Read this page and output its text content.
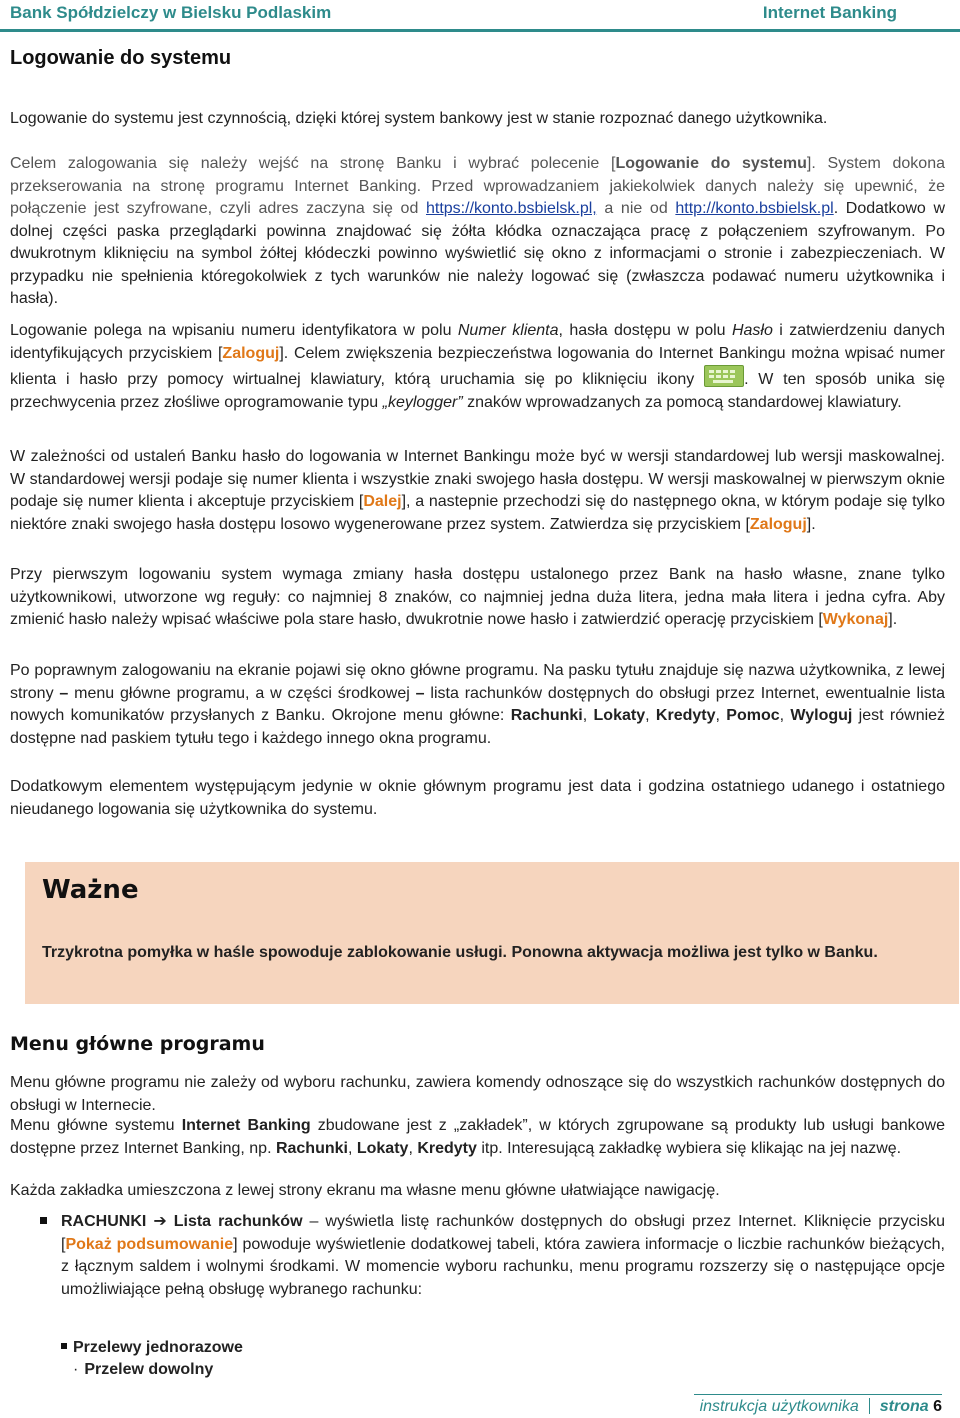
Bank Spółdzielczy w Bielsku Podlaskim	Internet Banking
Logowanie do systemu

Logowanie do systemu jest czynnością, dzięki której system bankowy jest w stanie rozpoznać danego użytkownika.

Celem zalogowania się należy wejść na stronę Banku i wybrać polecenie [Logowanie do systemu]. System dokona przekserowania na stronę programu Internet Banking. Przed wprowadzaniem jakiekolwiek danych należy się upewnić, że połączenie jest szyfrowane, czyli adres zaczyna się od https://konto.bsbielsk.pl, a nie od http://konto.bsbielsk.pl. Dodatkowo w dolnej części paska przeglądarki powinna znajdować się żółta kłódka oznaczająca pracę z połączeniem szyfrowanym. Po dwukrotnym kliknięciu na symbol żółtej kłódeczki powinno wyświetlić się okno z informacjami o stronie i zabezpieczeniach. W przypadku nie spełnienia któregokolwiek z tych warunków nie należy logować się (zwłaszcza podawać numeru użytkownika i hasła).

Logowanie polega na wpisaniu numeru identyfikatora w polu Numer klienta, hasła dostępu w polu Hasło i zatwierdzeniu danych identyfikujących przyciskiem [Zaloguj]. Celem zwiększenia bezpieczeństwa logowania do Internet Bankingu można wpisać numer klienta i hasło przy pomocy wirtualnej klawiatury, którą uruchamia się po kliknięciu ikony	. W ten sposób unika się przechwycenia przez złośliwe oprogramowanie typu „keylogger” znaków wprowadzanych za pomocą standardowej klawiatury.

W zależności od ustaleń Banku hasło do logowania w Internet Bankingu może być w wersji standardowej lub wersji maskowalnej. W standardowej wersji podaje się numer klienta i wszystkie znaki swojego hasła dostępu. W wersji maskowalnej w pierwszym oknie podaje się numer klienta i akceptuje przyciskiem [Dalej], a nastepnie przechodzi się do następnego okna, w którym podaje się tylko niektóre znaki swojego hasła dostępu losowo wygenerowane przez system. Zatwierdza się przyciskiem [Zaloguj].

Przy pierwszym logowaniu system wymaga zmiany hasła dostępu ustalonego przez Bank na hasło własne, znane tylko użytkownikowi, utworzone wg reguły: co najmniej 8 znaków, co najmniej jedna duża litera, jedna mała litera i jedna cyfra. Aby zmienić hasło należy wpisać właściwe pola stare hasło, dwukrotnie nowe hasło i zatwierdzić operację przyciskiem [Wykonaj].

Po poprawnym zalogowaniu na ekranie pojawi się okno główne programu. Na pasku tytułu znajduje się nazwa użytkownika, z lewej strony – menu główne programu, a w części środkowej – lista rachunków dostępnych do obsługi przez Internet, ewentualnie lista nowych komunikatów przysłanych z Banku. Okrojone menu główne: Rachunki, Lokaty, Kredyty, Pomoc, Wyloguj jest również dostępne nad paskiem tytułu tego i każdego innego okna programu.

Dodatkowym elementem występującym jedynie w oknie głównym programu jest data i godzina ostatniego udanego i ostatniego nieudanego logowania się użytkownika do systemu.

Ważne

Trzykrotna pomyłka w haśle spowoduje zablokowanie usługi. Ponowna aktywacja możliwa jest tylko w Banku.

Menu główne programu

Menu główne programu nie zależy od wyboru rachunku, zawiera komendy odnoszące się do wszystkich rachunków dostępnych do obsługi w Internecie.

Menu główne systemu Internet Banking zbudowane jest z „zakładek”, w których zgrupowane są produkty lub usługi bankowe dostępne przez Internet Banking, np. Rachunki, Lokaty, Kredyty itp. Interesującą zakładkę wybiera się klikając na jej nazwę.

Każda zakładka umieszczona z lewej strony ekranu ma własne menu główne ułatwiające nawigację.

RACHUNKI ➔ Lista rachunków – wyświetla listę rachunków dostępnych do obsługi przez Internet. Kliknięcie przycisku [Pokaż podsumowanie] powoduje wyświetlenie dodatkowej tabeli, która zawiera informacje o liczbie rachunków bieżących, z łącznym saldem i wolnymi środkami. W momencie wyboru rachunku, menu programu rozszerzy się o następujące opcje umożliwiające pełną obsługę wybranego rachunku:

Przelewy jednorazowe
· Przelew dowolny
instrukcja użytkownika strona 6
